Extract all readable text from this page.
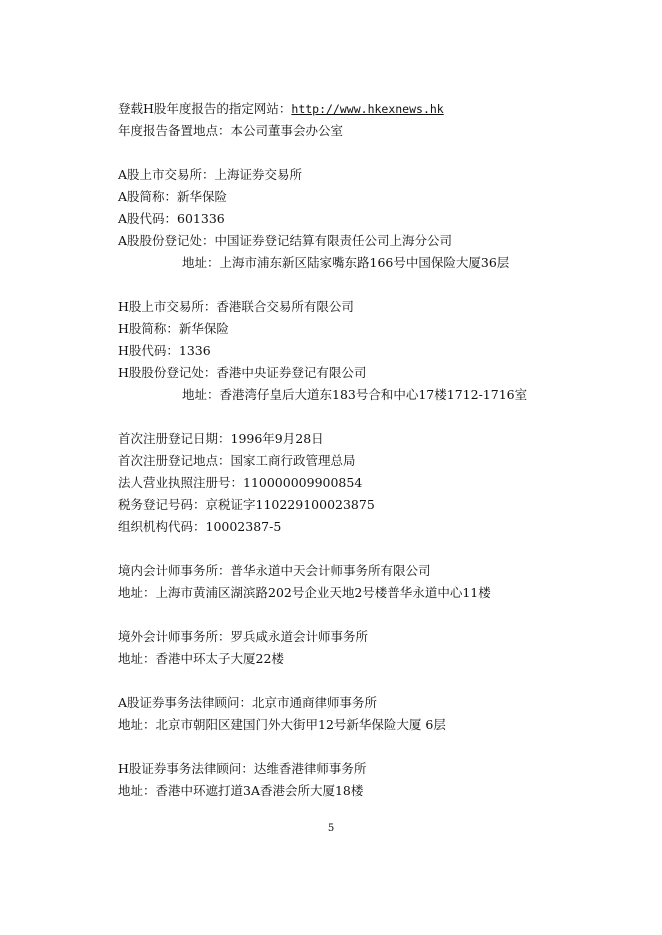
登载H股年度报告的指定网站：http://www.hkexnews.hk
年度报告备置地点：本公司董事会办公室
A股上市交易所：上海证券交易所
A股简称：新华保险
A股代码：601336
A股股份登记处：中国证券登记结算有限责任公司上海分公司
地址：上海市浦东新区陆家嘴东路166号中国保险大厦36层
H股上市交易所：香港联合交易所有限公司
H股简称：新华保险
H股代码：1336
H股股份登记处：香港中央证券登记有限公司
地址：香港湾仔皇后大道东183号合和中心17楼1712-1716室
首次注册登记日期：1996年9月28日
首次注册登记地点：国家工商行政管理总局
法人营业执照注册号：110000009900854
税务登记号码：京税证字110229100023875
组织机构代码：10002387-5
境内会计师事务所：普华永道中天会计师事务所有限公司
地址：上海市黄浦区湖滨路202号企业天地2号楼普华永道中心11楼
境外会计师事务所：罗兵咸永道会计师事务所
地址：香港中环太子大厦22楼
A股证券事务法律顾问：北京市通商律师事务所
地址：北京市朝阳区建国门外大街甲12号新华保险大厦 6层
H股证券事务法律顾问：达维香港律师事务所
地址：香港中环遮打道3A香港会所大厦18楼
5
